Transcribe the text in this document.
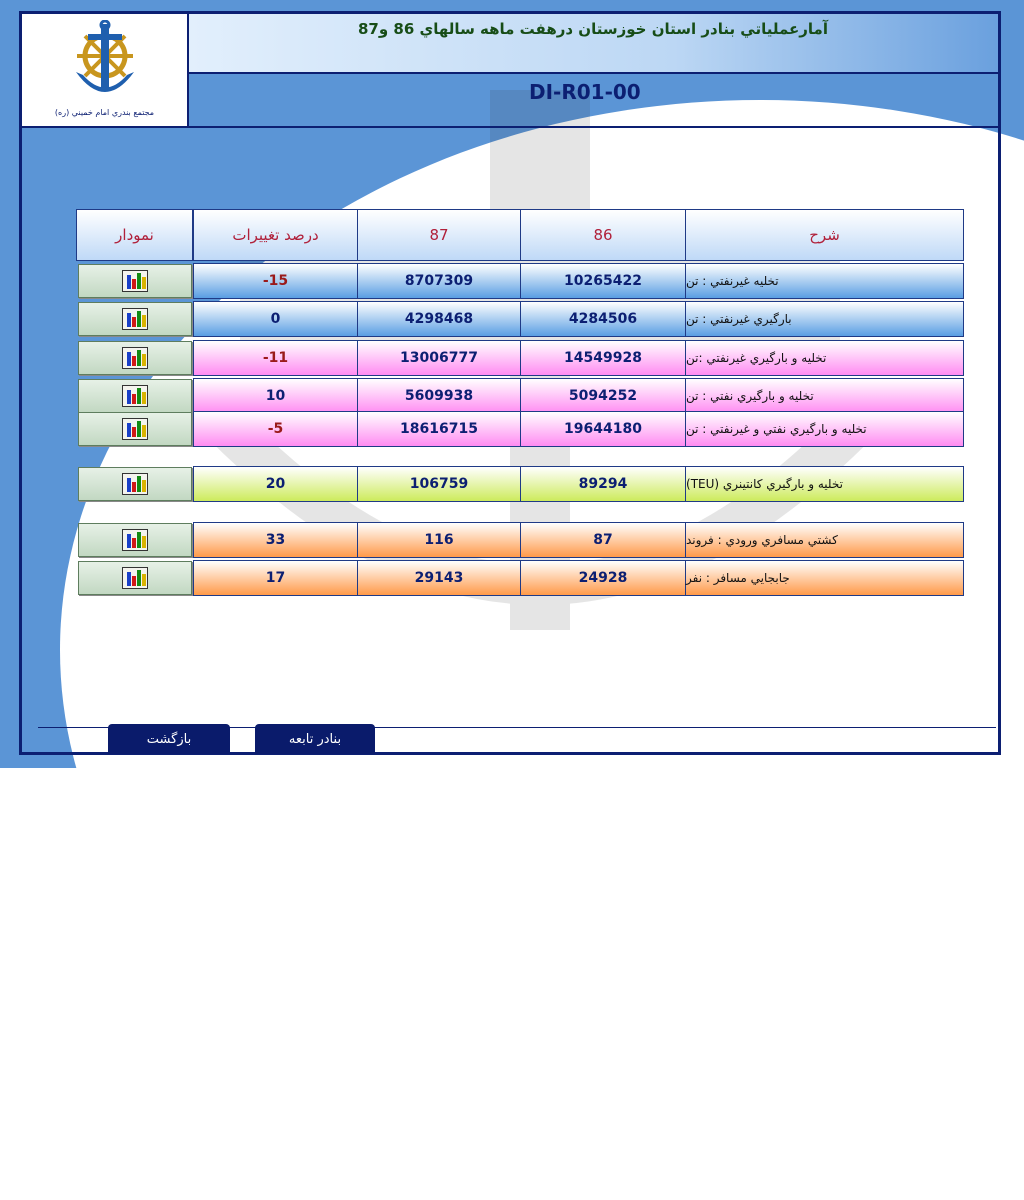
مجتمع بندري امام خميني (ره)
آمارعملياتي بنادر استان خوزستان درهفت ماهه سالهاي 86 و87
DI-R01-00
نمودار	درصد تغييرات	87	86	شرح
-15	8707309	10265422	تخليه غيرنفتي : تن
0	4298468	4284506	بارگيري غيرنفتي : تن
-11	13006777	14549928	تخليه و بارگيري غيرنفتي :تن
10	5609938	5094252	تخليه و بارگيري نفتي : تن
-5	18616715	19644180	تخليه و بارگيري نفتي و غيرنفتي : تن
20	106759	89294	تخليه و بارگيري كانتينري (TEU)
33	116	87	كشتي مسافري ورودي : فروند
17	29143	24928	جابجايي مسافر : نفر
بازگشت	بنادر تابعه
